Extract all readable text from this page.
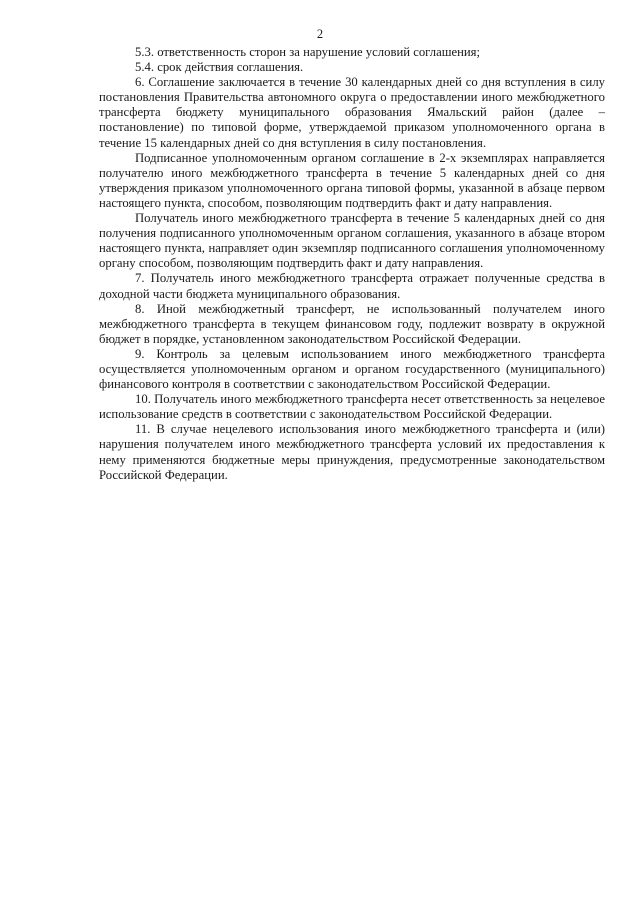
2

5.3. ответственность сторон за нарушение условий соглашения;

5.4. срок действия соглашения.

6. Соглашение заключается в течение 30 календарных дней со дня вступления в силу постановления Правительства автономного округа о предоставлении иного межбюджетного трансферта бюджету муниципального образования Ямальский район (далее – постановление) по типовой форме, утверждаемой приказом уполномоченного органа в течение 15 календарных дней со дня вступления в силу постановления.

Подписанное уполномоченным органом соглашение в 2-х экземплярах направляется получателю иного межбюджетного трансферта в течение 5 календарных дней со дня утверждения приказом уполномоченного органа типовой формы, указанной в абзаце первом настоящего пункта, способом, позволяющим подтвердить факт и дату направления.

Получатель иного межбюджетного трансферта в течение 5 календарных дней со дня получения подписанного уполномоченным органом соглашения, указанного в абзаце втором настоящего пункта, направляет один экземпляр подписанного соглашения уполномоченному органу способом, позволяющим подтвердить факт и дату направления.

7. Получатель иного межбюджетного трансферта отражает полученные средства в доходной части бюджета муниципального образования.

8. Иной межбюджетный трансферт, не использованный получателем иного межбюджетного трансферта в текущем финансовом году, подлежит возврату в окружной бюджет в порядке, установленном законодательством Российской Федерации.

9. Контроль за целевым использованием иного межбюджетного трансферта осуществляется уполномоченным органом и органом государственного (муниципального) финансового контроля в соответствии с законодательством Российской Федерации.

10. Получатель иного межбюджетного трансферта несет ответственность за нецелевое использование средств в соответствии с законодательством Российской Федерации.

11. В случае нецелевого использования иного межбюджетного трансферта и (или) нарушения получателем иного межбюджетного трансферта условий их предоставления к нему применяются бюджетные меры принуждения, предусмотренные законодательством Российской Федерации.
